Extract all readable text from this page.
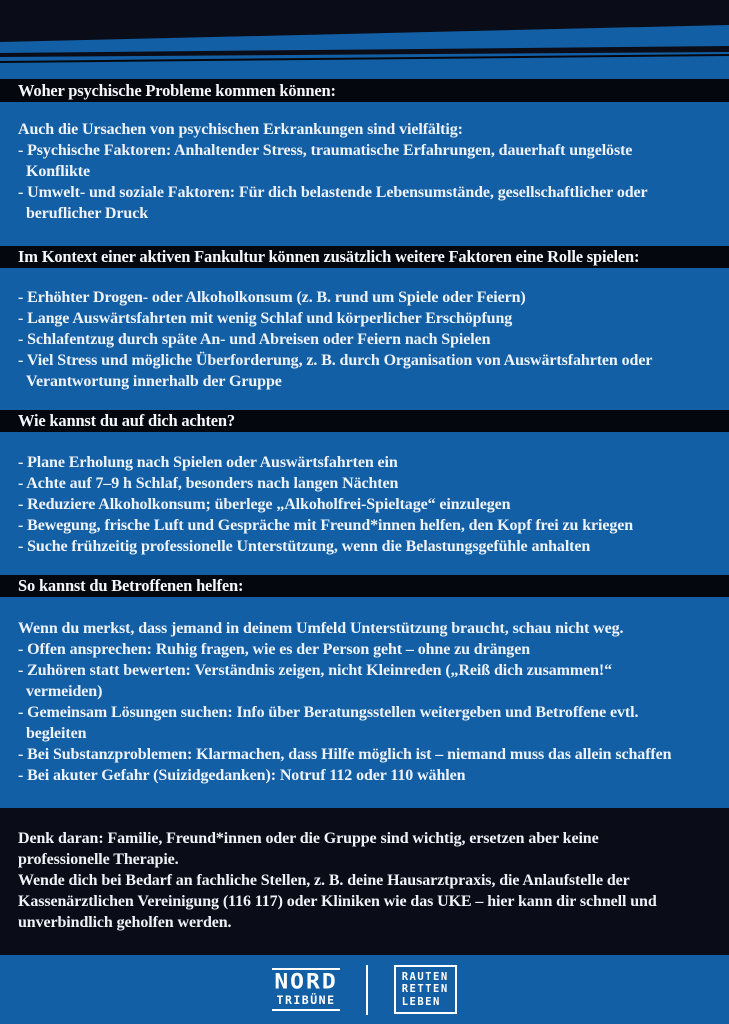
Woher psychische Probleme kommen können:
Auch die Ursachen von psychischen Erkrankungen sind vielfältig:
- Psychische Faktoren: Anhaltender Stress, traumatische Erfahrungen, dauerhaft ungelöste
Konflikte
- Umwelt- und soziale Faktoren: Für dich belastende Lebensumstände, gesellschaftlicher oder
beruflicher Druck
Im Kontext einer aktiven Fankultur können zusätzlich weitere Faktoren eine Rolle spielen:
- Erhöhter Drogen- oder Alkoholkonsum (z. B. rund um Spiele oder Feiern)
- Lange Auswärtsfahrten mit wenig Schlaf und körperlicher Erschöpfung
- Schlafentzug durch späte An- und Abreisen oder Feiern nach Spielen
- Viel Stress und mögliche Überforderung, z. B. durch Organisation von Auswärtsfahrten oder
Verantwortung innerhalb der Gruppe
Wie kannst du auf dich achten?
- Plane Erholung nach Spielen oder Auswärtsfahrten ein
- Achte auf 7–9 h Schlaf, besonders nach langen Nächten
- Reduziere Alkoholkonsum; überlege „Alkoholfrei-Spieltage“ einzulegen
- Bewegung, frische Luft und Gespräche mit Freund*innen helfen, den Kopf frei zu kriegen
- Suche frühzeitig professionelle Unterstützung, wenn die Belastungsgefühle anhalten
So kannst du Betroffenen helfen:
Wenn du merkst, dass jemand in deinem Umfeld Unterstützung braucht, schau nicht weg.
- Offen ansprechen: Ruhig fragen, wie es der Person geht – ohne zu drängen
- Zuhören statt bewerten: Verständnis zeigen, nicht Kleinreden („Reiß dich zusammen!“
vermeiden)
- Gemeinsam Lösungen suchen: Info über Beratungsstellen weitergeben und Betroffene evtl.
begleiten
- Bei Substanzproblemen: Klarmachen, dass Hilfe möglich ist – niemand muss das allein schaffen
- Bei akuter Gefahr (Suizidgedanken): Notruf 112 oder 110 wählen
Denk daran: Familie, Freund*innen oder die Gruppe sind wichtig, ersetzen aber keine
professionelle Therapie.
Wende dich bei Bedarf an fachliche Stellen, z. B. deine Hausarztpraxis, die Anlaufstelle der
Kassenärztlichen Vereinigung (116 117) oder Kliniken wie das UKE – hier kann dir schnell und
unverbindlich geholfen werden.
NORD
TRIBÜNE
RAUTEN
RETTEN
LEBEN
